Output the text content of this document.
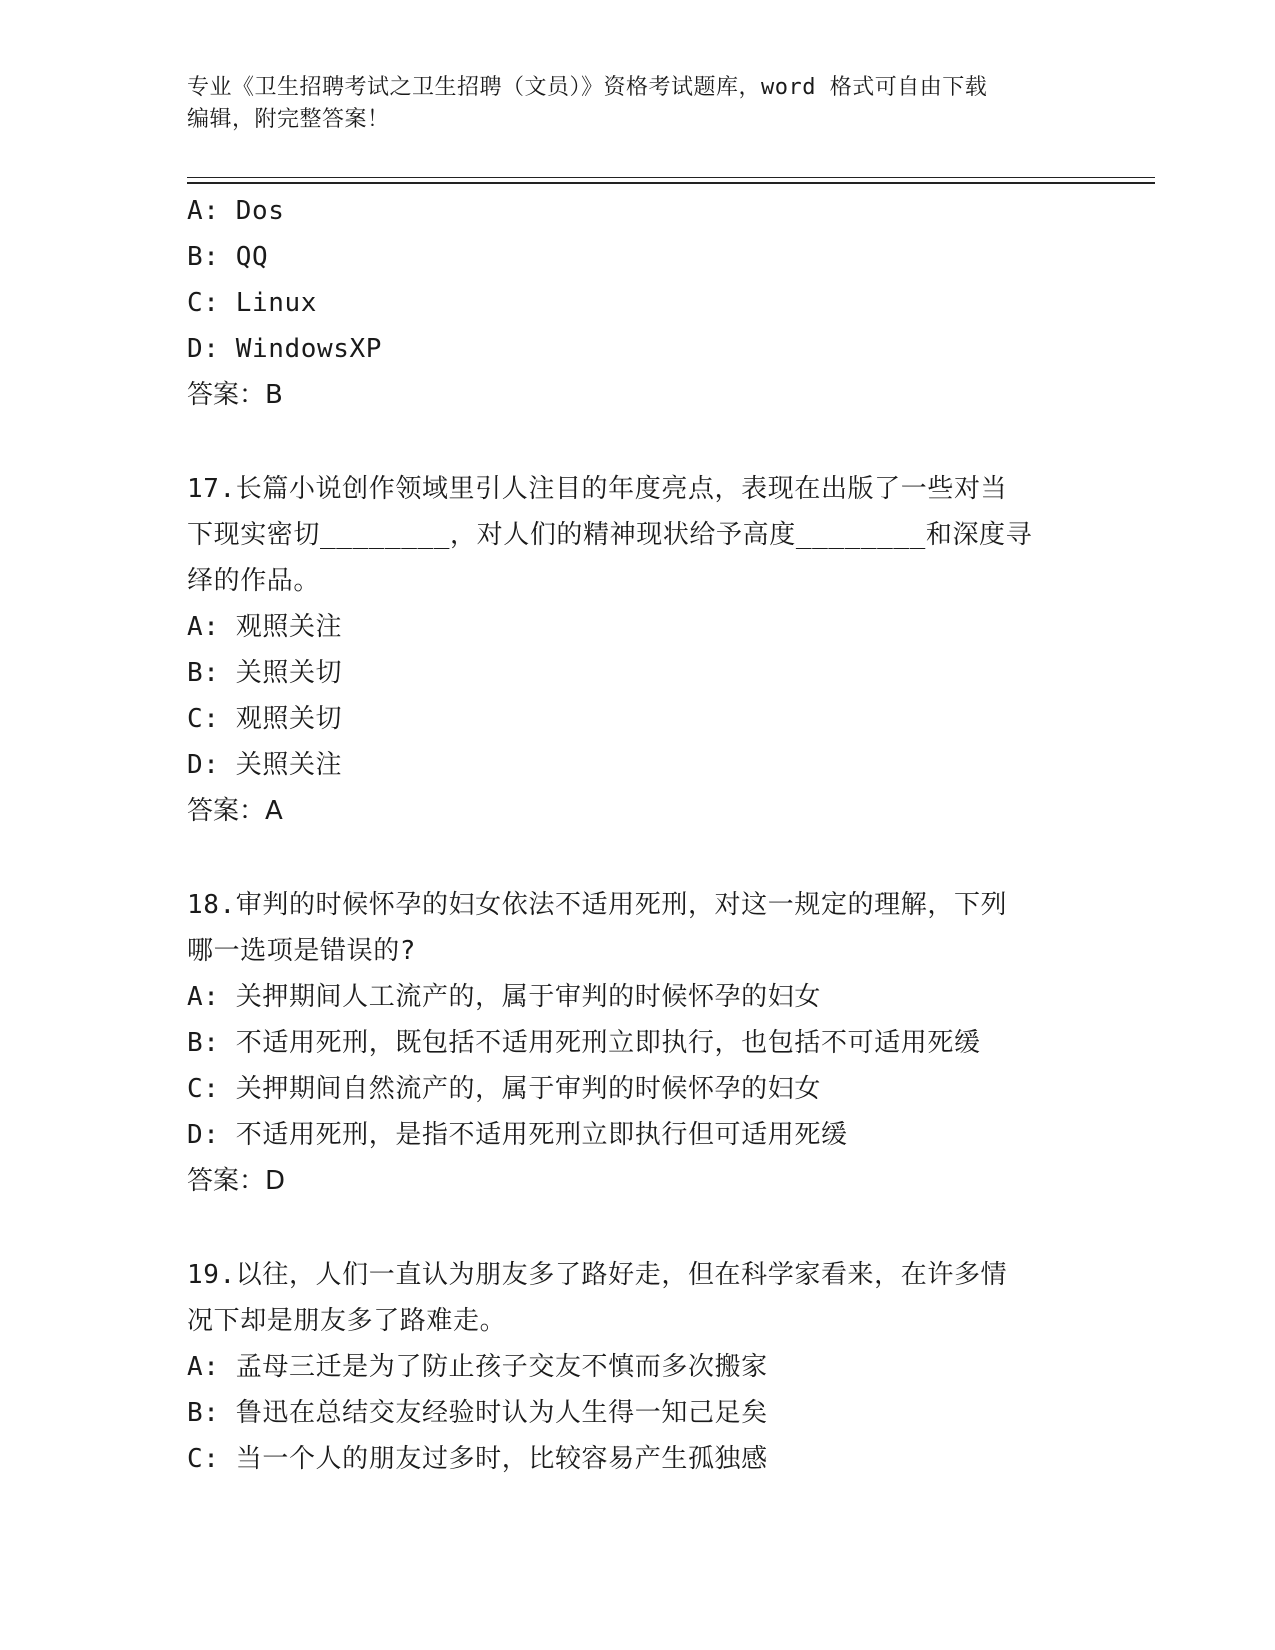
专业《卫生招聘考试之卫生招聘（文员）》资格考试题库，word 格式可自由下载
编辑，附完整答案！
A: Dos
B: QQ
C: Linux
D: WindowsXP
答案：B
17.长篇小说创作领域里引人注目的年度亮点，表现在出版了一些对当
下现实密切________，对人们的精神现状给予高度________和深度寻
绎的作品。
A: 观照关注
B: 关照关切
C: 观照关切
D: 关照关注
答案：A
18.审判的时候怀孕的妇女依法不适用死刑，对这一规定的理解，下列
哪一选项是错误的?
A: 关押期间人工流产的，属于审判的时候怀孕的妇女
B: 不适用死刑，既包括不适用死刑立即执行，也包括不可适用死缓
C: 关押期间自然流产的，属于审判的时候怀孕的妇女
D: 不适用死刑，是指不适用死刑立即执行但可适用死缓
答案：D
19.以往，人们一直认为朋友多了路好走，但在科学家看来，在许多情
况下却是朋友多了路难走。
A: 孟母三迁是为了防止孩子交友不慎而多次搬家
B: 鲁迅在总结交友经验时认为人生得一知己足矣
C: 当一个人的朋友过多时，比较容易产生孤独感
